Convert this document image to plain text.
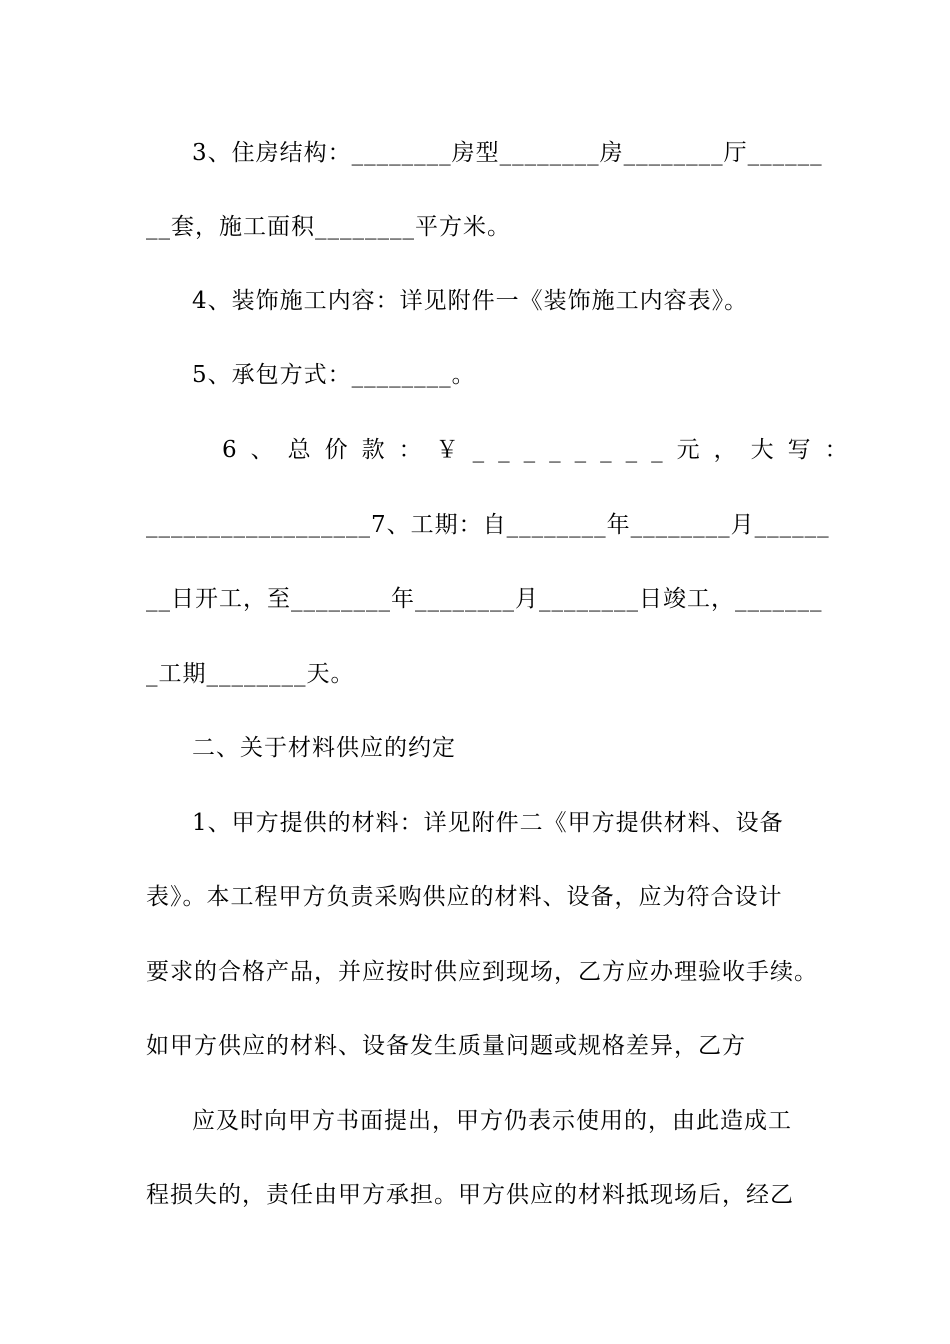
3、住房结构：________房型________房________厅______
__套，施工面积________平方米。
4、装饰施工内容：详见附件一《装饰施工内容表》。
5、承包方式：________。
6、总价款：￥________元，大写：
__________________7、工期：自________年________月______
__日开工，至________年________月________日竣工，_______
_工期________天。
二、关于材料供应的约定
1、甲方提供的材料：详见附件二《甲方提供材料、设备
表》。本工程甲方负责采购供应的材料、设备，应为符合设计
要求的合格产品，并应按时供应到现场，乙方应办理验收手续。
如甲方供应的材料、设备发生质量问题或规格差异，乙方
应及时向甲方书面提出，甲方仍表示使用的，由此造成工
程损失的，责任由甲方承担。甲方供应的材料抵现场后，经乙
